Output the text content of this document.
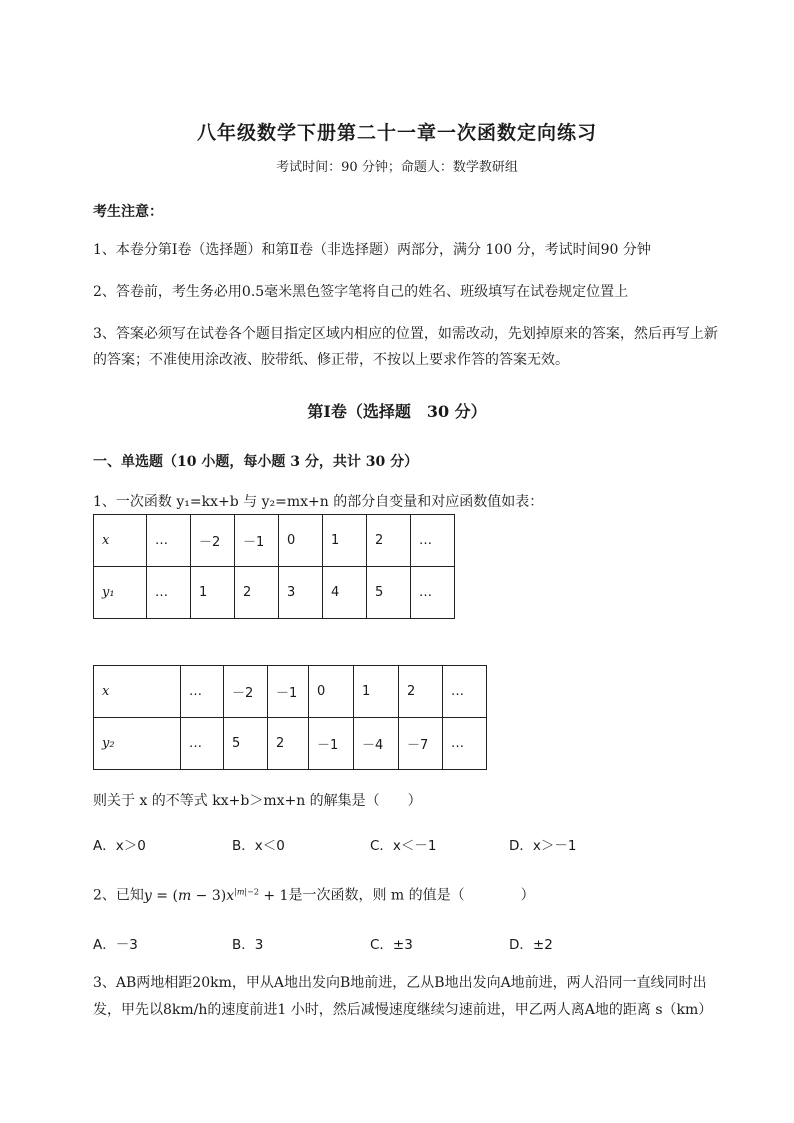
八年级数学下册第二十一章一次函数定向练习
考试时间：90 分钟；命题人：数学教研组
考生注意：
1、本卷分第Ⅰ卷（选择题）和第Ⅱ卷（非选择题）两部分，满分 100 分，考试时间90 分钟
2、答卷前，考生务必用0.5毫米黑色签字笔将自己的姓名、班级填写在试卷规定位置上
3、答案必须写在试卷各个题目指定区域内相应的位置，如需改动，先划掉原来的答案，然后再写上新
的答案；不准使用涂改液、胶带纸、修正带，不按以上要求作答的答案无效。
第Ⅰ卷（选择题　30 分）
一、单选题（10 小题，每小题 3 分，共计 30 分）
1、一次函数 y₁=kx+b 与 y₂=mx+n 的部分自变量和对应函数值如表：
x	…	－2	－1	0	1	2	…
y₁	…	1	2	3	4	5	…
x	…	－2	－1	0	1	2	…
y₂	…	5	2	－1	－4	－7	…
则关于 x 的不等式 kx+b＞mx+n 的解集是（　　）
A．x＞0	B．x＜0	C．x＜－1	D．x＞－1
2、已知$y = (m - 3)x^{|m|-2} + 1$是一次函数，则 m 的值是（　　　　）
A．－3	B．3	C．±3	D．±2
3、AB两地相距20km，甲从A地出发向B地前进，乙从B地出发向A地前进，两人沿同一直线同时出
发，甲先以8km/h的速度前进1 小时，然后减慢速度继续匀速前进，甲乙两人离A地的距离 s（km）
